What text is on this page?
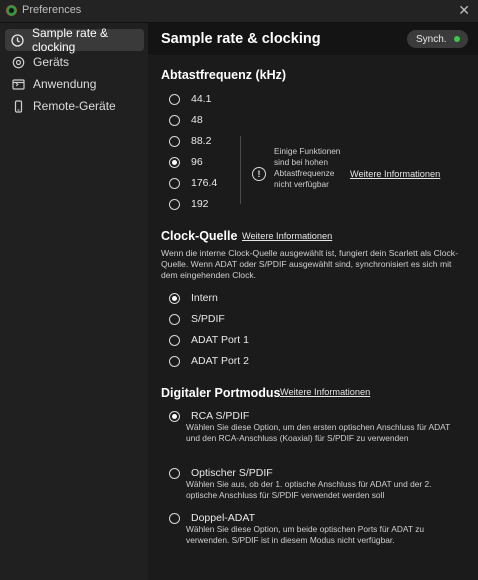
Preferences	✕
Sample rate & clocking
Geräts
Anwendung
Remote-Geräte
Sample rate & clocking	Synch.
Abtastfrequenz (kHz)
44.1
48
88.2
96
176.4
192
!
Einige Funktionen sind bei hohen Abtastfrequenze nicht verfügbar
Weitere Informationen
Clock-Quelle Weitere Informationen
Wenn die interne Clock-Quelle ausgewählt ist, fungiert dein Scarlett als Clock-Quelle. Wenn ADAT oder S/PDIF ausgewählt sind, synchronisiert es sich mit dem eingehenden Clock.
Intern
S/PDIF
ADAT Port 1
ADAT Port 2
Digitaler Portmodus Weitere Informationen
RCA S/PDIF
Wählen Sie diese Option, um den ersten optischen Anschluss für ADAT und den RCA-Anschluss (Koaxial) für S/PDIF zu verwenden
Optischer S/PDIF
Wählen Sie aus, ob der 1. optische Anschluss für ADAT und der 2. optische Anschluss für S/PDIF verwendet werden soll
Doppel-ADAT
Wählen Sie diese Option, um beide optischen Ports für ADAT zu verwenden. S/PDIF ist in diesem Modus nicht verfügbar.
